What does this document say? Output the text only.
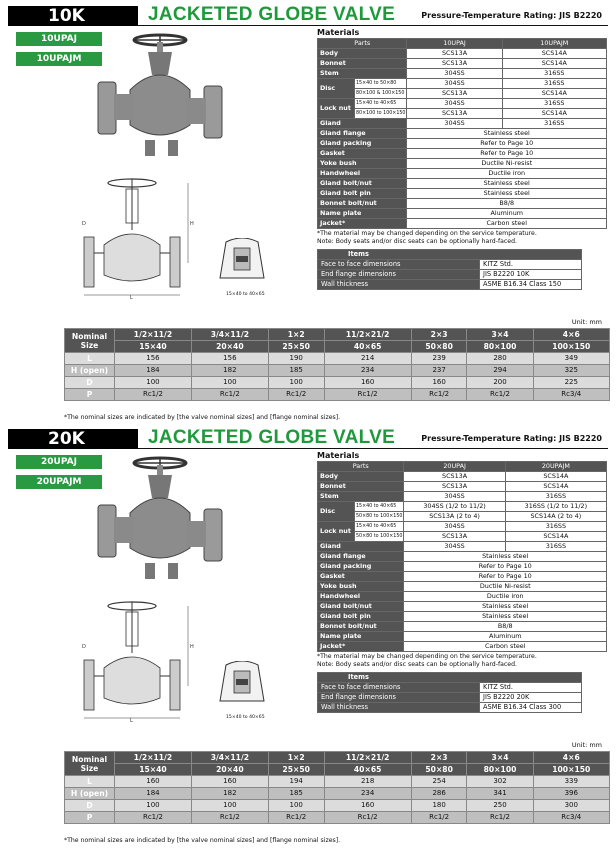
10K	JACKETED GLOBE VALVE	Pressure-Temperature Rating: JIS B2220
10UPAJ
10UPAJM
H
L
D
15×40 to 40×65
Materials
Parts		10UPAJ	10UPAJM
Body		SCS13A	SCS14A
Bonnet		SCS13A	SCS14A
Stem		304SS	316SS
Disc	15×40 to 50×80	304SS	316SS
	80×100 & 100×150	SCS13A	SCS14A
Lock nut	15×40 to 40×65	304SS	316SS
	80×100 to 100×150	SCS13A	SCS14A
Gland		304SS	316SS
Gland flange		Stainless steel	
Gland packing		Refer to Page 10	
Gasket		Refer to Page 10	
Yoke bush		Ductile Ni-resist	
Handwheel		Ductile iron	
Gland bolt/nut		Stainless steel	
Gland bolt pin		Stainless steel	
Bonnet bolt/nut		B8/8	
Name plate		Aluminum	
Jacket*		Carbon steel	
*The material may be changed depending on the service temperature.
Note: Body seats and/or disc seats can be optionally hard-faced.
Items	
Face to face dimensions	KITZ Std.
End flange dimensions	JIS B2220 10K
Wall thickness	ASME B16.34 Class 150
Unit: mm
Nominal Size	1/2×11/2	3/4×11/2	1×2	11/2×21/2	2×3	3×4	4×6
	15×40	20×40	25×50	40×65	50×80	80×100	100×150
L	156	156	190	214	239	280	349
H (open)	184	182	185	234	237	294	325
D	100	100	100	160	160	200	225
P	Rc1/2	Rc1/2	Rc1/2	Rc1/2	Rc1/2	Rc1/2	Rc3/4
*The nominal sizes are indicated by [the valve nominal sizes] and [flange nominal sizes].
20K	JACKETED GLOBE VALVE	Pressure-Temperature Rating: JIS B2220
20UPAJ
20UPAJM
H
L
D
15×40 to 40×65
Materials
Parts		20UPAJ	20UPAJM
Body		SCS13A	SCS14A
Bonnet		SCS13A	SCS14A
Stem		304SS	316SS
Disc	15×40 to 40×65	304SS (1/2 to 11/2)	316SS (1/2 to 11/2)
	50×80 to 100×150	SCS13A (2 to 4)	SCS14A (2 to 4)
Lock nut	15×40 to 40×65	304SS	316SS
	50×80 to 100×150	SCS13A	SCS14A
Gland		304SS	316SS
Gland flange		Stainless steel	
Gland packing		Refer to Page 10	
Gasket		Refer to Page 10	
Yoke bush		Ductile Ni-resist	
Handwheel		Ductile iron	
Gland bolt/nut		Stainless steel	
Gland bolt pin		Stainless steel	
Bonnet bolt/nut		B8/8	
Name plate		Aluminum	
Jacket*		Carbon steel	
*The material may be changed depending on the service temperature.
Note: Body seats and/or disc seats can be optionally hard-faced.
Items	
Face to face dimensions	KITZ Std.
End flange dimensions	JIS B2220 20K
Wall thickness	ASME B16.34 Class 300
Unit: mm
Nominal Size	1/2×11/2	3/4×11/2	1×2	11/2×21/2	2×3	3×4	4×6
	15×40	20×40	25×50	40×65	50×80	80×100	100×150
L	160	160	194	218	254	302	339
H (open)	184	182	185	234	286	341	396
D	100	100	100	160	180	250	300
P	Rc1/2	Rc1/2	Rc1/2	Rc1/2	Rc1/2	Rc1/2	Rc3/4
*The nominal sizes are indicated by [the valve nominal sizes] and [flange nominal sizes].
